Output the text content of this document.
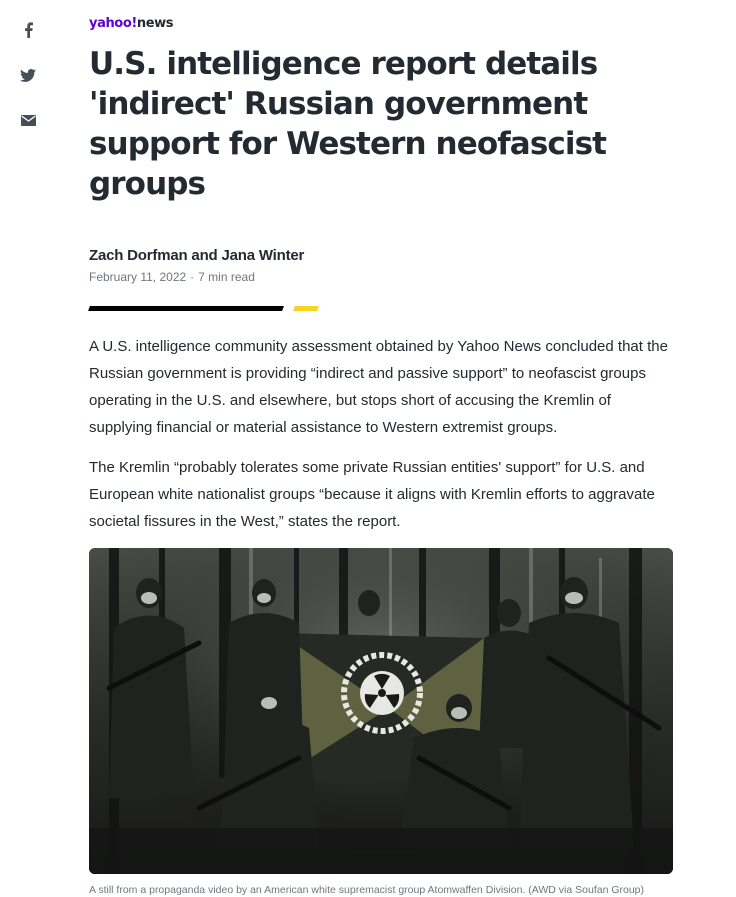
yahoo!news
U.S. intelligence report details 'indirect' Russian government support for Western neofascist groups
Zach Dorfman and Jana Winter
February 11, 2022 · 7 min read

A U.S. intelligence community assessment obtained by Yahoo News concluded that the Russian government is providing “indirect and passive support” to neofascist groups operating in the U.S. and elsewhere, but stops short of accusing the Kremlin of supplying financial or material assistance to Western extremist groups.

The Kremlin “probably tolerates some private Russian entities' support” for U.S. and European white nationalist groups “because it aligns with Kremlin efforts to aggravate societal fissures in the West,” states the report.

A still from a propaganda video by an American white supremacist group Atomwaffen Division. (AWD via Soufan Group)
